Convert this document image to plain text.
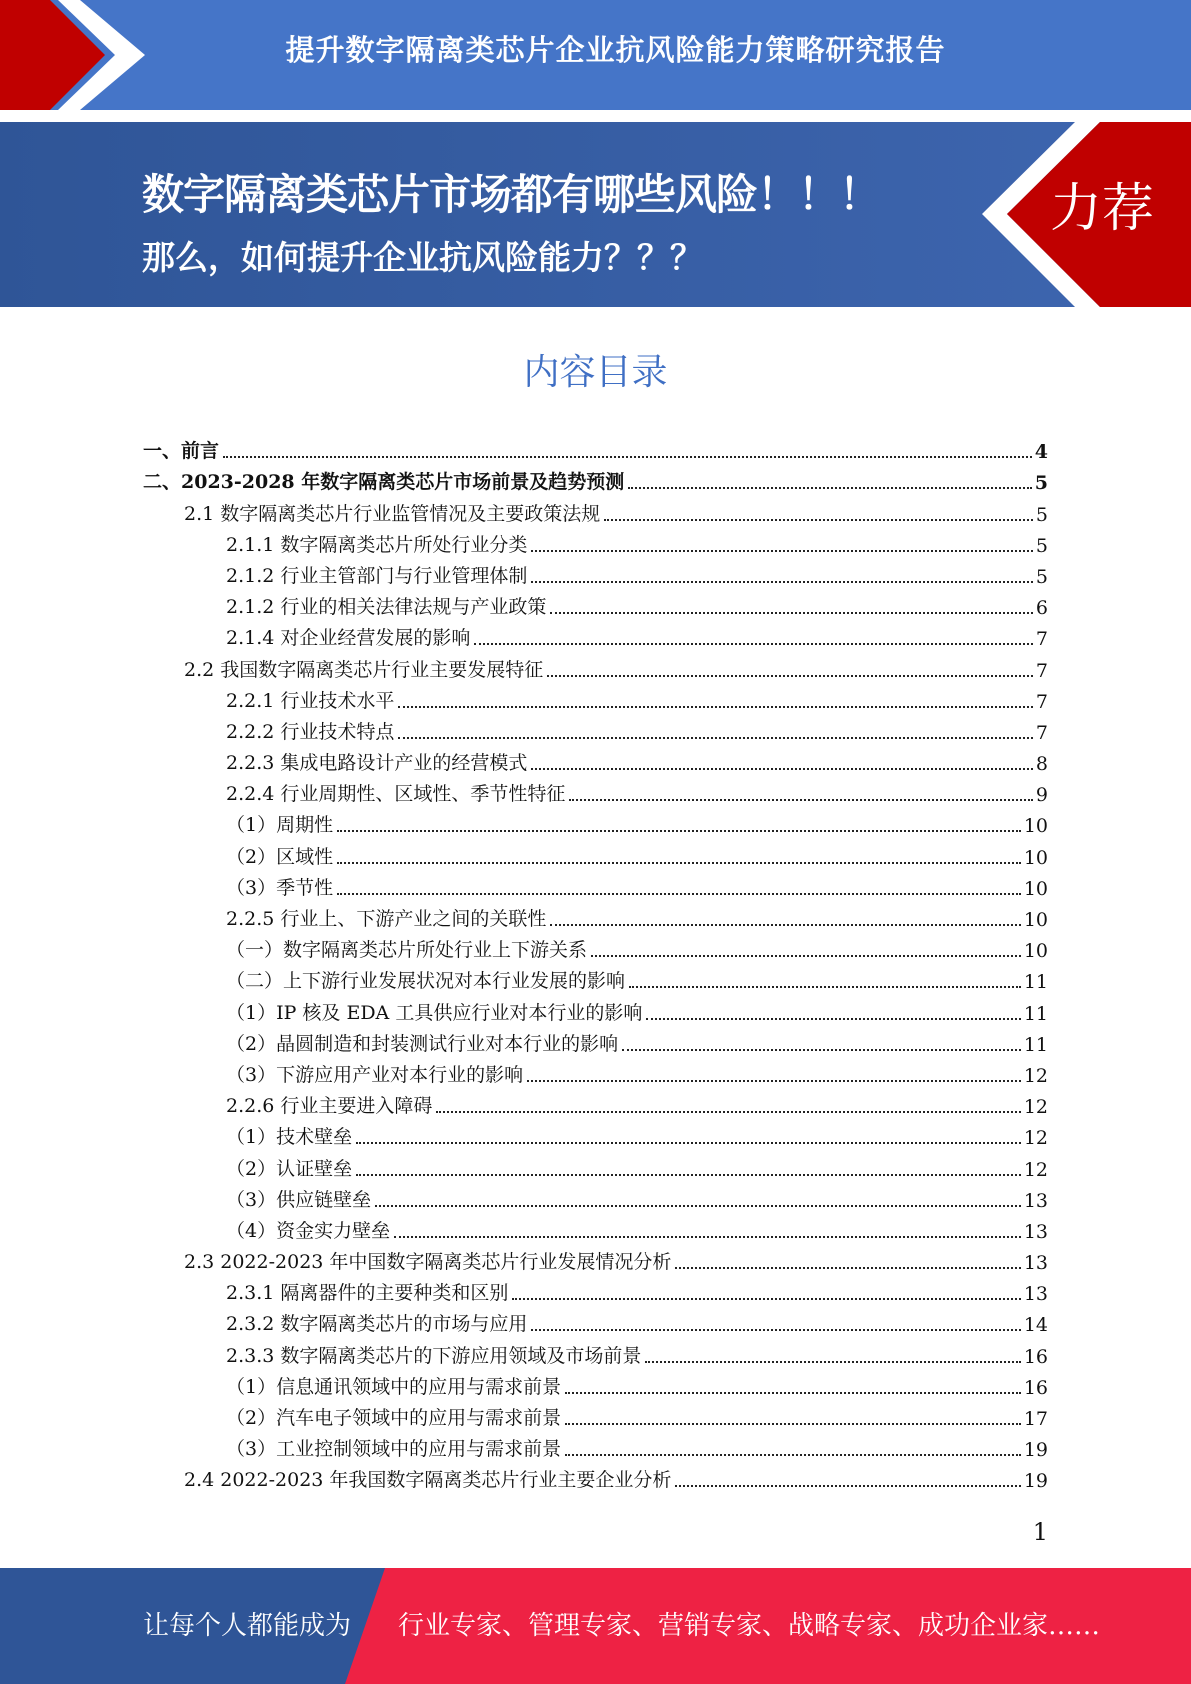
提升数字隔离类芯片企业抗风险能力策略研究报告
数字隔离类芯片市场都有哪些风险！！！
那么，如何提升企业抗风险能力？？？
力荐
内容目录
一、前言	4
二、2023-2028 年数字隔离类芯片市场前景及趋势预测	5
2.1 数字隔离类芯片行业监管情况及主要政策法规	5
2.1.1 数字隔离类芯片所处行业分类	5
2.1.2 行业主管部门与行业管理体制	5
2.1.2 行业的相关法律法规与产业政策	6
2.1.4 对企业经营发展的影响	7
2.2 我国数字隔离类芯片行业主要发展特征	7
2.2.1 行业技术水平	7
2.2.2 行业技术特点	7
2.2.3 集成电路设计产业的经营模式	8
2.2.4 行业周期性、区域性、季节性特征	9
（1）周期性	10
（2）区域性	10
（3）季节性	10
2.2.5 行业上、下游产业之间的关联性	10
（一）数字隔离类芯片所处行业上下游关系	10
（二）上下游行业发展状况对本行业发展的影响	11
（1）IP 核及 EDA 工具供应行业对本行业的影响	11
（2）晶圆制造和封装测试行业对本行业的影响	11
（3）下游应用产业对本行业的影响	12
2.2.6 行业主要进入障碍	12
（1）技术壁垒	12
（2）认证壁垒	12
（3）供应链壁垒	13
（4）资金实力壁垒	13
2.3 2022-2023 年中国数字隔离类芯片行业发展情况分析	13
2.3.1 隔离器件的主要种类和区别	13
2.3.2 数字隔离类芯片的市场与应用	14
2.3.3 数字隔离类芯片的下游应用领域及市场前景	16
（1）信息通讯领域中的应用与需求前景	16
（2）汽车电子领域中的应用与需求前景	17
（3）工业控制领域中的应用与需求前景	19
2.4 2022-2023 年我国数字隔离类芯片行业主要企业分析	19
1
让每个人都能成为 行业专家、管理专家、营销专家、战略专家、成功企业家……
